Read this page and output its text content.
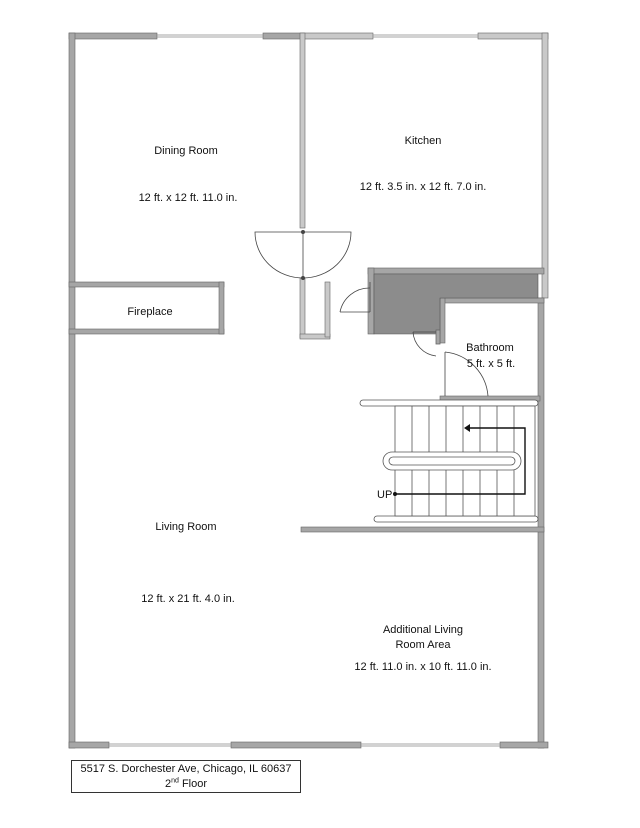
Dining Room
12 ft. x 12 ft. 11.0 in.
Kitchen
12 ft. 3.5 in. x 12 ft. 7.0 in.
Fireplace
Bathroom
5 ft. x 5 ft.
UP
Living Room
12 ft. x 21 ft. 4.0 in.
Additional Living
Room Area
12 ft. 11.0 in. x 10 ft. 11.0 in.
5517 S. Dorchester Ave, Chicago, IL 60637
2nd Floor
